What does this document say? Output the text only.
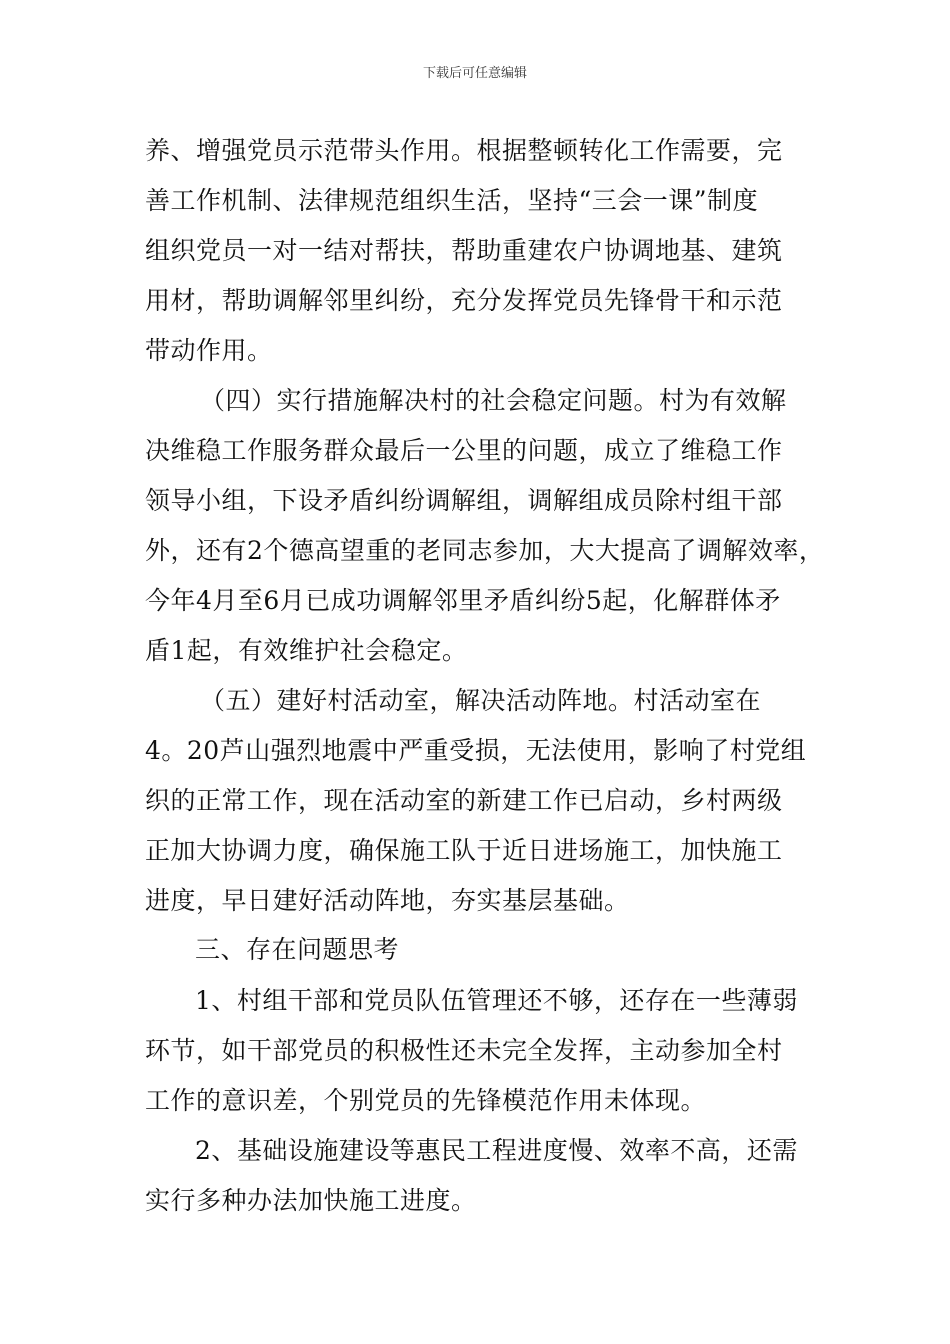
下载后可任意编辑
养、增强党员示范带头作用。根据整顿转化工作需要，完
善工作机制、法律规范组织生活，坚持“三会一课”制度
组织党员一对一结对帮扶，帮助重建农户协调地基、建筑
用材，帮助调解邻里纠纷，充分发挥党员先锋骨干和示范
带动作用。
（四）实行措施解决村的社会稳定问题。村为有效解
决维稳工作服务群众最后一公里的问题，成立了维稳工作
领导小组，下设矛盾纠纷调解组，调解组成员除村组干部
外，还有2个德高望重的老同志参加，大大提高了调解效率，
今年4月至6月已成功调解邻里矛盾纠纷5起，化解群体矛
盾1起，有效维护社会稳定。
（五）建好村活动室，解决活动阵地。村活动室在
4。20芦山强烈地震中严重受损，无法使用，影响了村党组
织的正常工作，现在活动室的新建工作已启动，乡村两级
正加大协调力度，确保施工队于近日进场施工，加快施工
进度，早日建好活动阵地，夯实基层基础。
三、存在问题思考
1、村组干部和党员队伍管理还不够，还存在一些薄弱
环节，如干部党员的积极性还未完全发挥，主动参加全村
工作的意识差，个别党员的先锋模范作用未体现。
2、基础设施建设等惠民工程进度慢、效率不高，还需
实行多种办法加快施工进度。
